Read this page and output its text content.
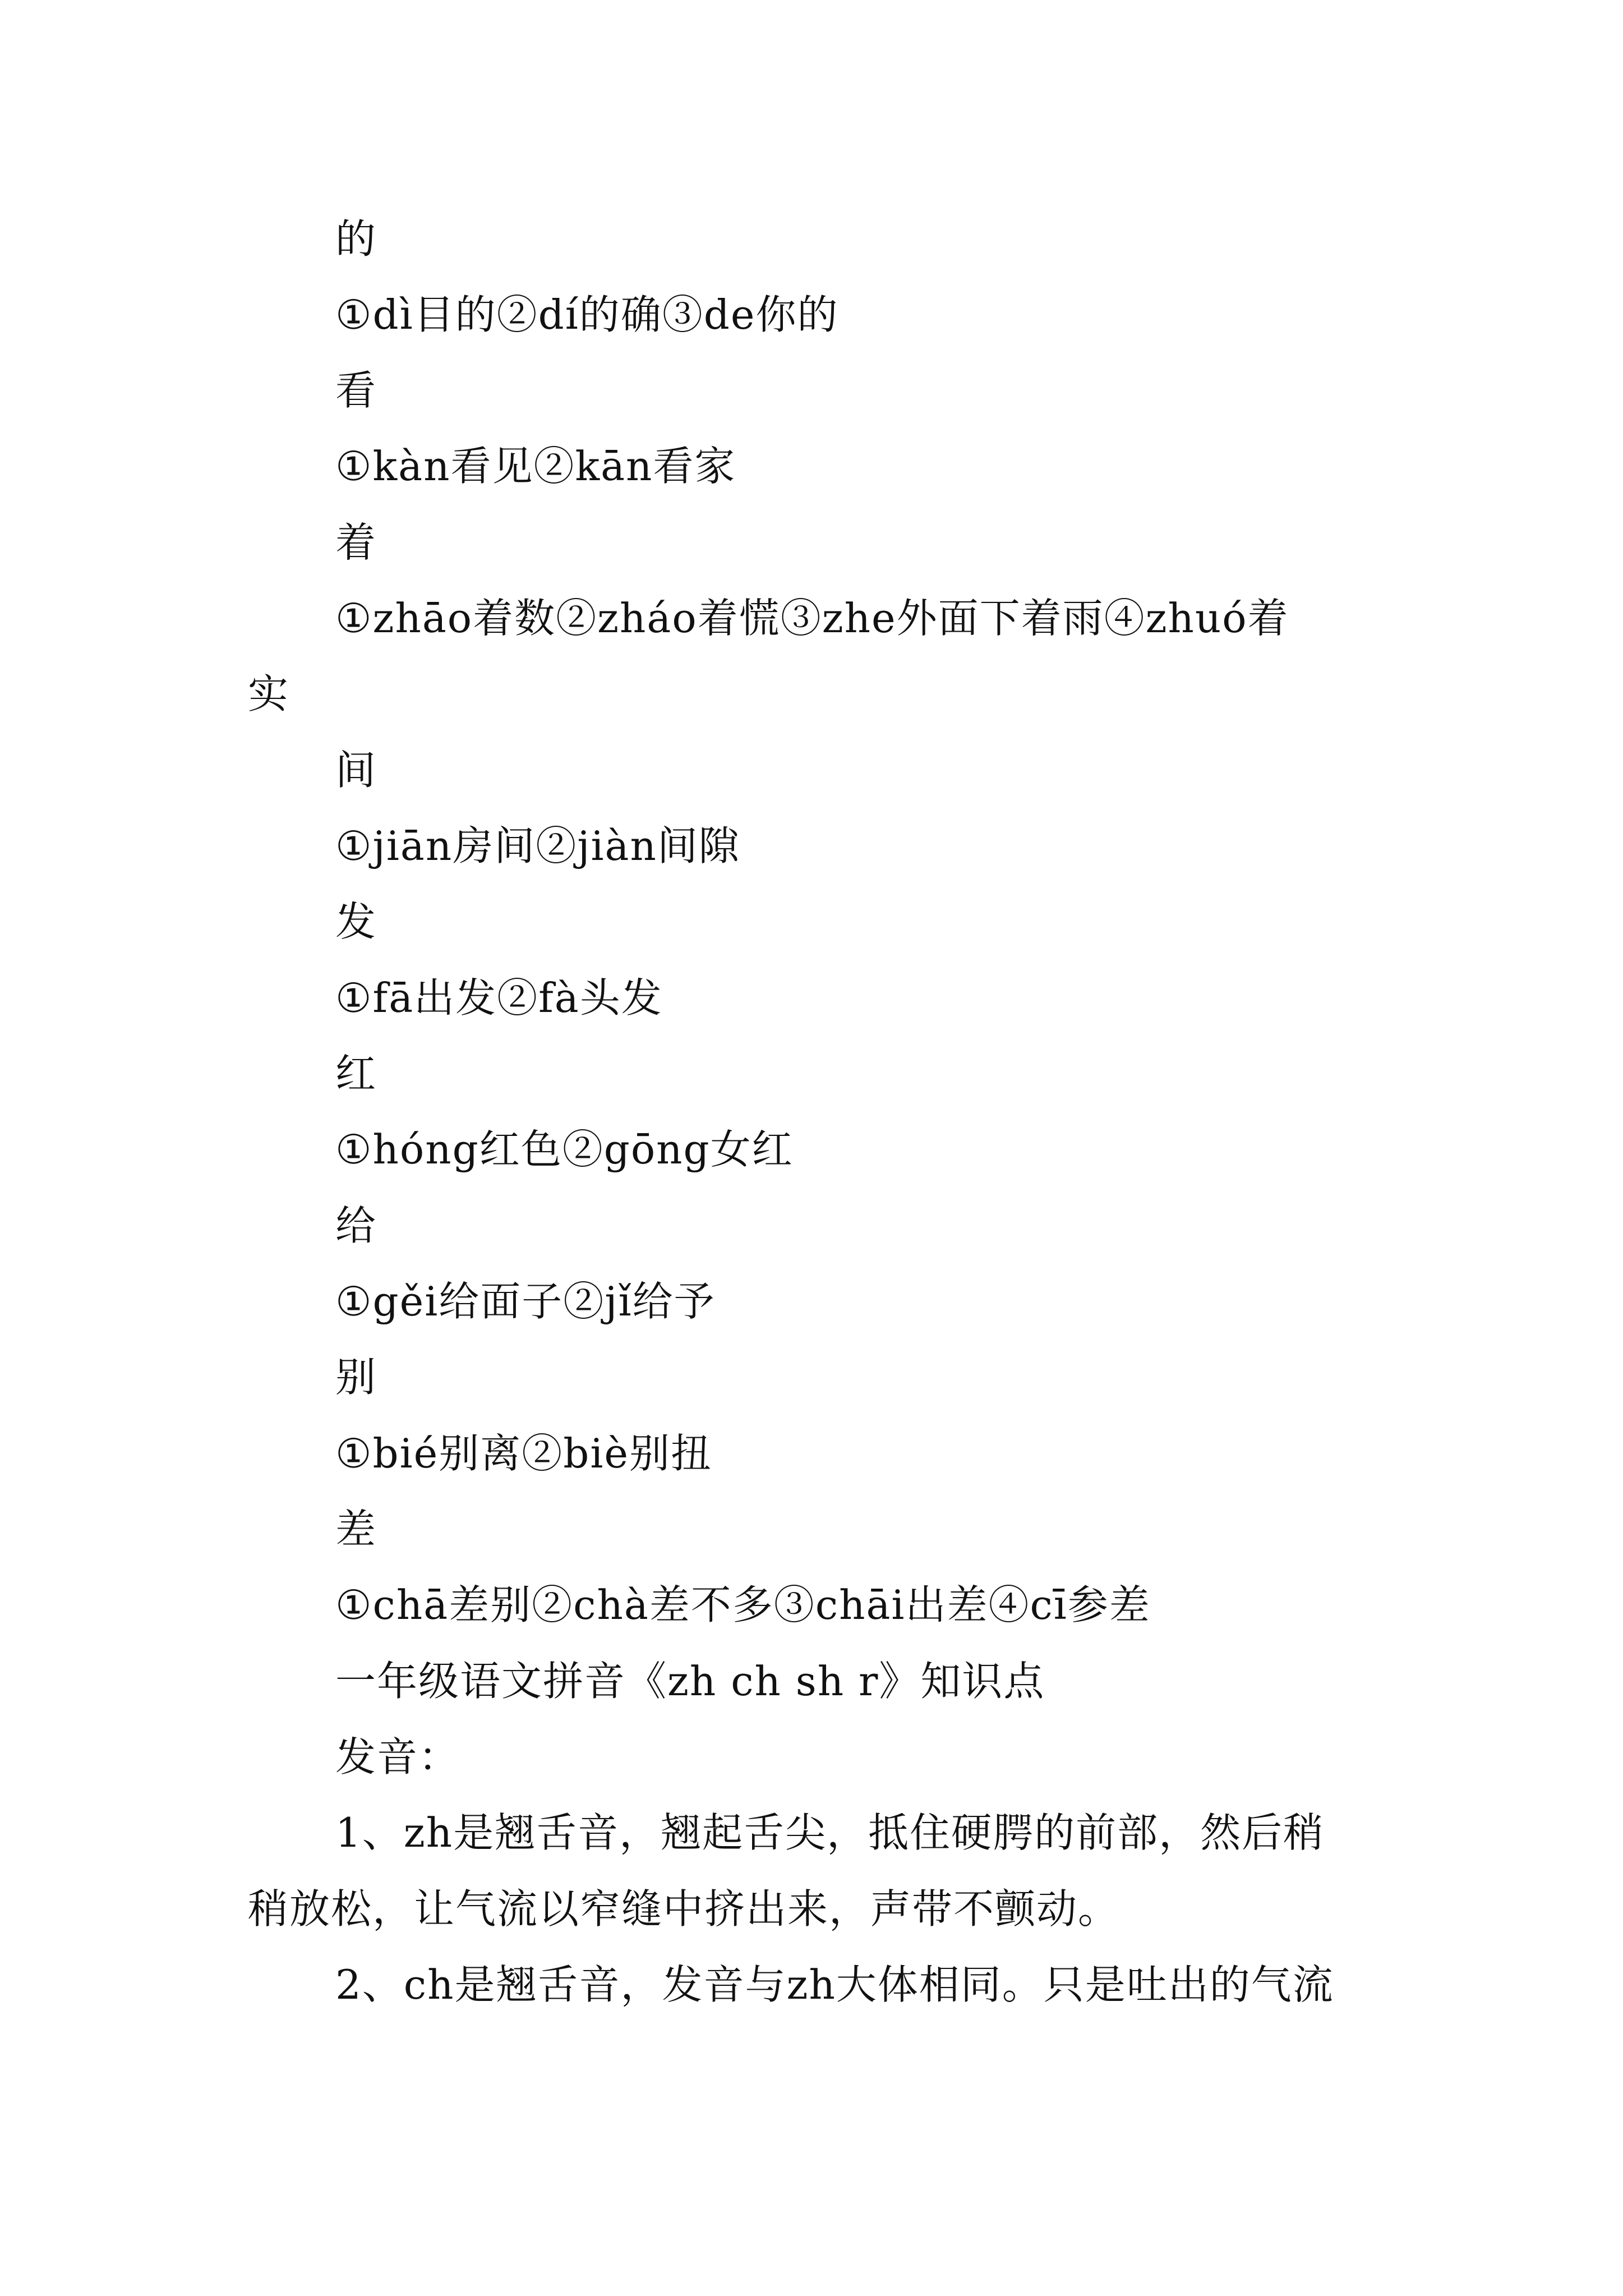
的
①dì目的②dí的确③de你的
看
①kàn看见②kān看家
着
①zhāo着数②zháo着慌③zhe外面下着雨④zhuó着
实
间
①jiān房间②jiàn间隙
发
①fā出发②fà头发
红
①hóng红色②gōng女红
给
①gěi给面子②jǐ给予
别
①bié别离②biè别扭
差
①chā差别②chà差不多③chāi出差④cī参差
一年级语文拼音《zh ch sh r》知识点
发音：
1、zh是翘舌音，翘起舌尖，抵住硬腭的前部，然后稍
稍放松，让气流以窄缝中挤出来，声带不颤动。
2、ch是翘舌音，发音与zh大体相同。只是吐出的气流
